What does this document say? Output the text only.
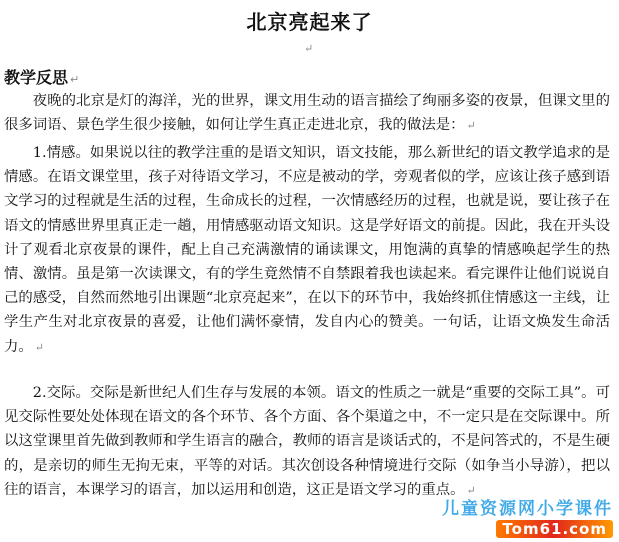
北京亮起来了
↵
教学反思 ↵

夜晚的北京是灯的海洋，光的世界，课文用生动的语言描绘了绚丽多姿的夜景，但课文里的很多词语、景色学生很少接触，如何让学生真正走进北京，我的做法是： ↵

1.情感。如果说以往的教学注重的是语文知识，语文技能，那么新世纪的语文教学追求的是情感。在语文课堂里，孩子对待语文学习，不应是被动的学，旁观者似的学，应该让孩子感到语文学习的过程就是生活的过程，生命成长的过程，一次情感经历的过程，也就是说，要让孩子在语文的情感世界里真正走一趟，用情感驱动语文知识。这是学好语文的前提。因此，我在开头设计了观看北京夜景的课件，配上自己充满激情的诵读课文，用饱满的真挚的情感唤起学生的热情、激情。虽是第一次读课文，有的学生竟然情不自禁跟着我也读起来。看完课件让他们说说自己的感受，自然而然地引出课题“北京亮起来”，在以下的环节中，我始终抓住情感这一主线，让学生产生对北京夜景的喜爱，让他们满怀豪情，发自内心的赞美。一句话，让语文焕发生命活力。 ↵

2.交际。交际是新世纪人们生存与发展的本领。语文的性质之一就是“重要的交际工具”。可见交际性要处处体现在语文的各个环节、各个方面、各个渠道之中，不一定只是在交际课中。所以这堂课里首先做到教师和学生语言的融合，教师的语言是谈话式的，不是问答式的，不是生硬的，是亲切的师生无拘无束，平等的对话。其次创设各种情境进行交际（如争当小导游），把以往的语言，本课学习的语言，加以运用和创造，这正是语文学习的重点。 ↵

儿童资源网小学课件
Tom61.com
